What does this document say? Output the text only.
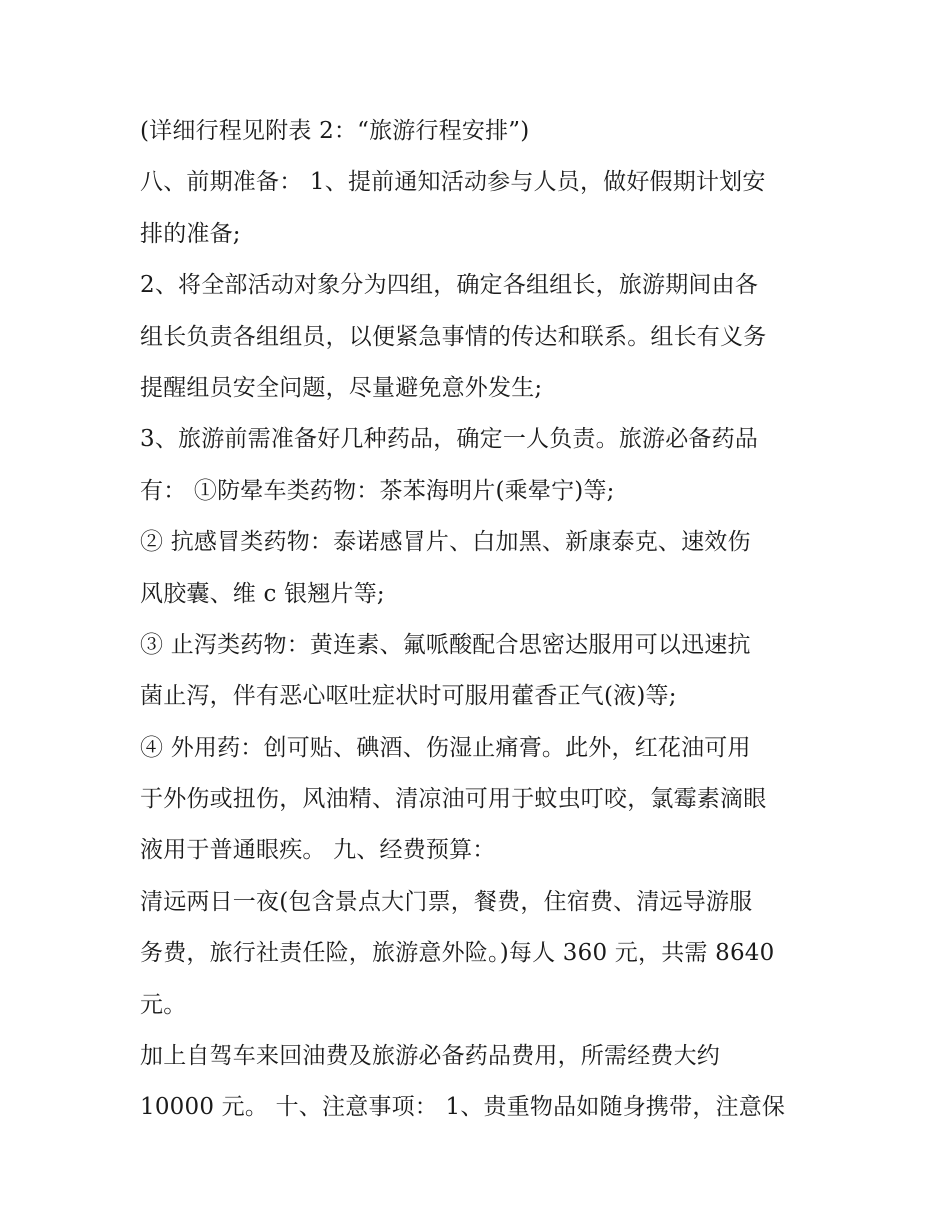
(详细行程见附表 2：“旅游行程安排”)
八、前期准备： 1、提前通知活动参与人员，做好假期计划安
排的准备;
2、将全部活动对象分为四组，确定各组组长，旅游期间由各
组长负责各组组员，以便紧急事情的传达和联系。组长有义务
提醒组员安全问题，尽量避免意外发生;
3、旅游前需准备好几种药品，确定一人负责。旅游必备药品
有： ①防晕车类药物：茶苯海明片(乘晕宁)等;
② 抗感冒类药物：泰诺感冒片、白加黑、新康泰克、速效伤
风胶囊、维 c 银翘片等;
③ 止泻类药物：黄连素、氟哌酸配合思密达服用可以迅速抗
菌止泻，伴有恶心呕吐症状时可服用藿香正气(液)等;
④ 外用药：创可贴、碘酒、伤湿止痛膏。此外，红花油可用
于外伤或扭伤，风油精、清凉油可用于蚊虫叮咬，氯霉素滴眼
液用于普通眼疾。 九、经费预算：
清远两日一夜(包含景点大门票，餐费，住宿费、清远导游服
务费，旅行社责任险，旅游意外险。)每人 360 元，共需 8640
元。
加上自驾车来回油费及旅游必备药品费用，所需经费大约
10000 元。 十、注意事项： 1、贵重物品如随身携带，注意保
